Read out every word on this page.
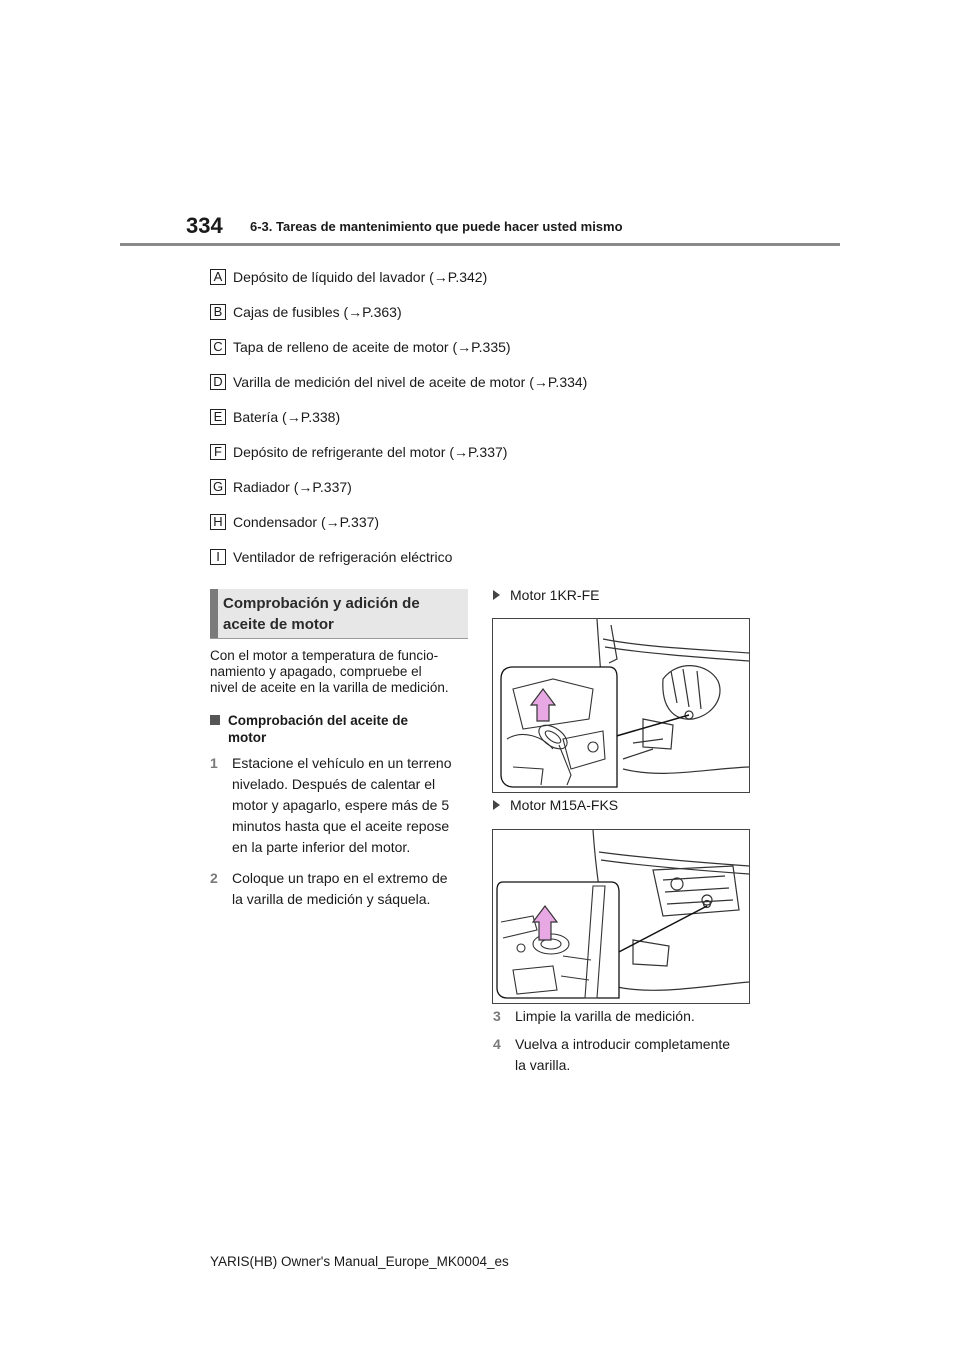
334 6-3. Tareas de mantenimiento que puede hacer usted mismo
A Depósito de líquido del lavador (→P.342)
B Cajas de fusibles (→P.363)
C Tapa de relleno de aceite de motor (→P.335)
D Varilla de medición del nivel de aceite de motor (→P.334)
E Batería (→P.338)
F Depósito de refrigerante del motor (→P.337)
G Radiador (→P.337)
H Condensador (→P.337)
I Ventilador de refrigeración eléctrico
Comprobación y adición de
aceite de motor
Con el motor a temperatura de funcio-
namiento y apagado, compruebe el
nivel de aceite en la varilla de medición.
Comprobación del aceite de
motor
1 Estacione el vehículo en un terreno
nivelado. Después de calentar el
motor y apagarlo, espere más de 5
minutos hasta que el aceite repose
en la parte inferior del motor.
2 Coloque un trapo en el extremo de
la varilla de medición y sáquela.
Motor 1KR-FE
Motor M15A-FKS
3 Limpie la varilla de medición.
4 Vuelva a introducir completamente
la varilla.
YARIS(HB) Owner's Manual_Europe_MK0004_es
